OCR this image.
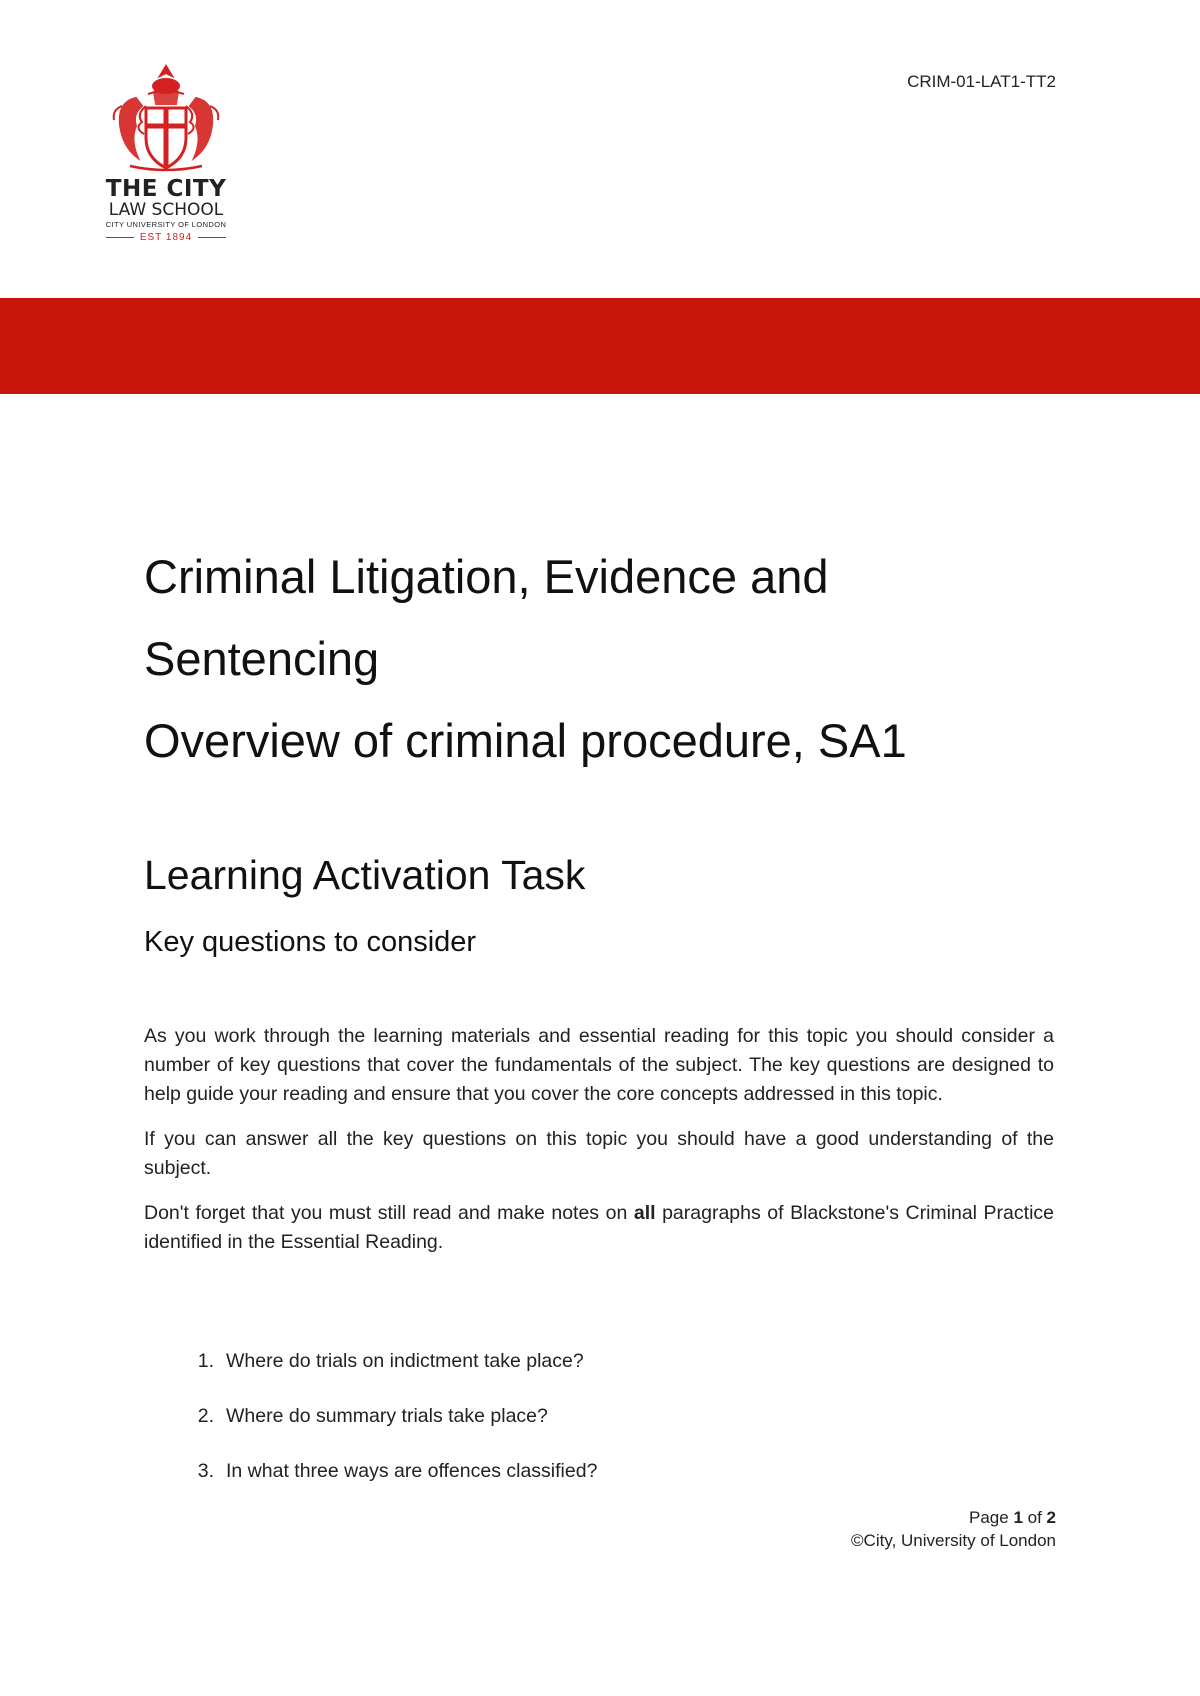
CRIM-01-LAT1-TT2
THE CITY
LAW SCHOOL
CITY UNIVERSITY OF LONDON
EST 1894
Criminal Litigation, Evidence and
Sentencing
Overview of criminal procedure, SA1
Learning Activation Task
Key questions to consider

As you work through the learning materials and essential reading for this topic you should consider a number of key questions that cover the fundamentals of the subject. The key questions are designed to help guide your reading and ensure that you cover the core concepts addressed in this topic.

If you can answer all the key questions on this topic you should have a good understanding of the subject.

Don't forget that you must still read and make notes on all paragraphs of Blackstone's Criminal Practice identified in the Essential Reading.

1. Where do trials on indictment take place?
2. Where do summary trials take place?
3. In what three ways are offences classified?
Page 1 of 2
©City, University of London
